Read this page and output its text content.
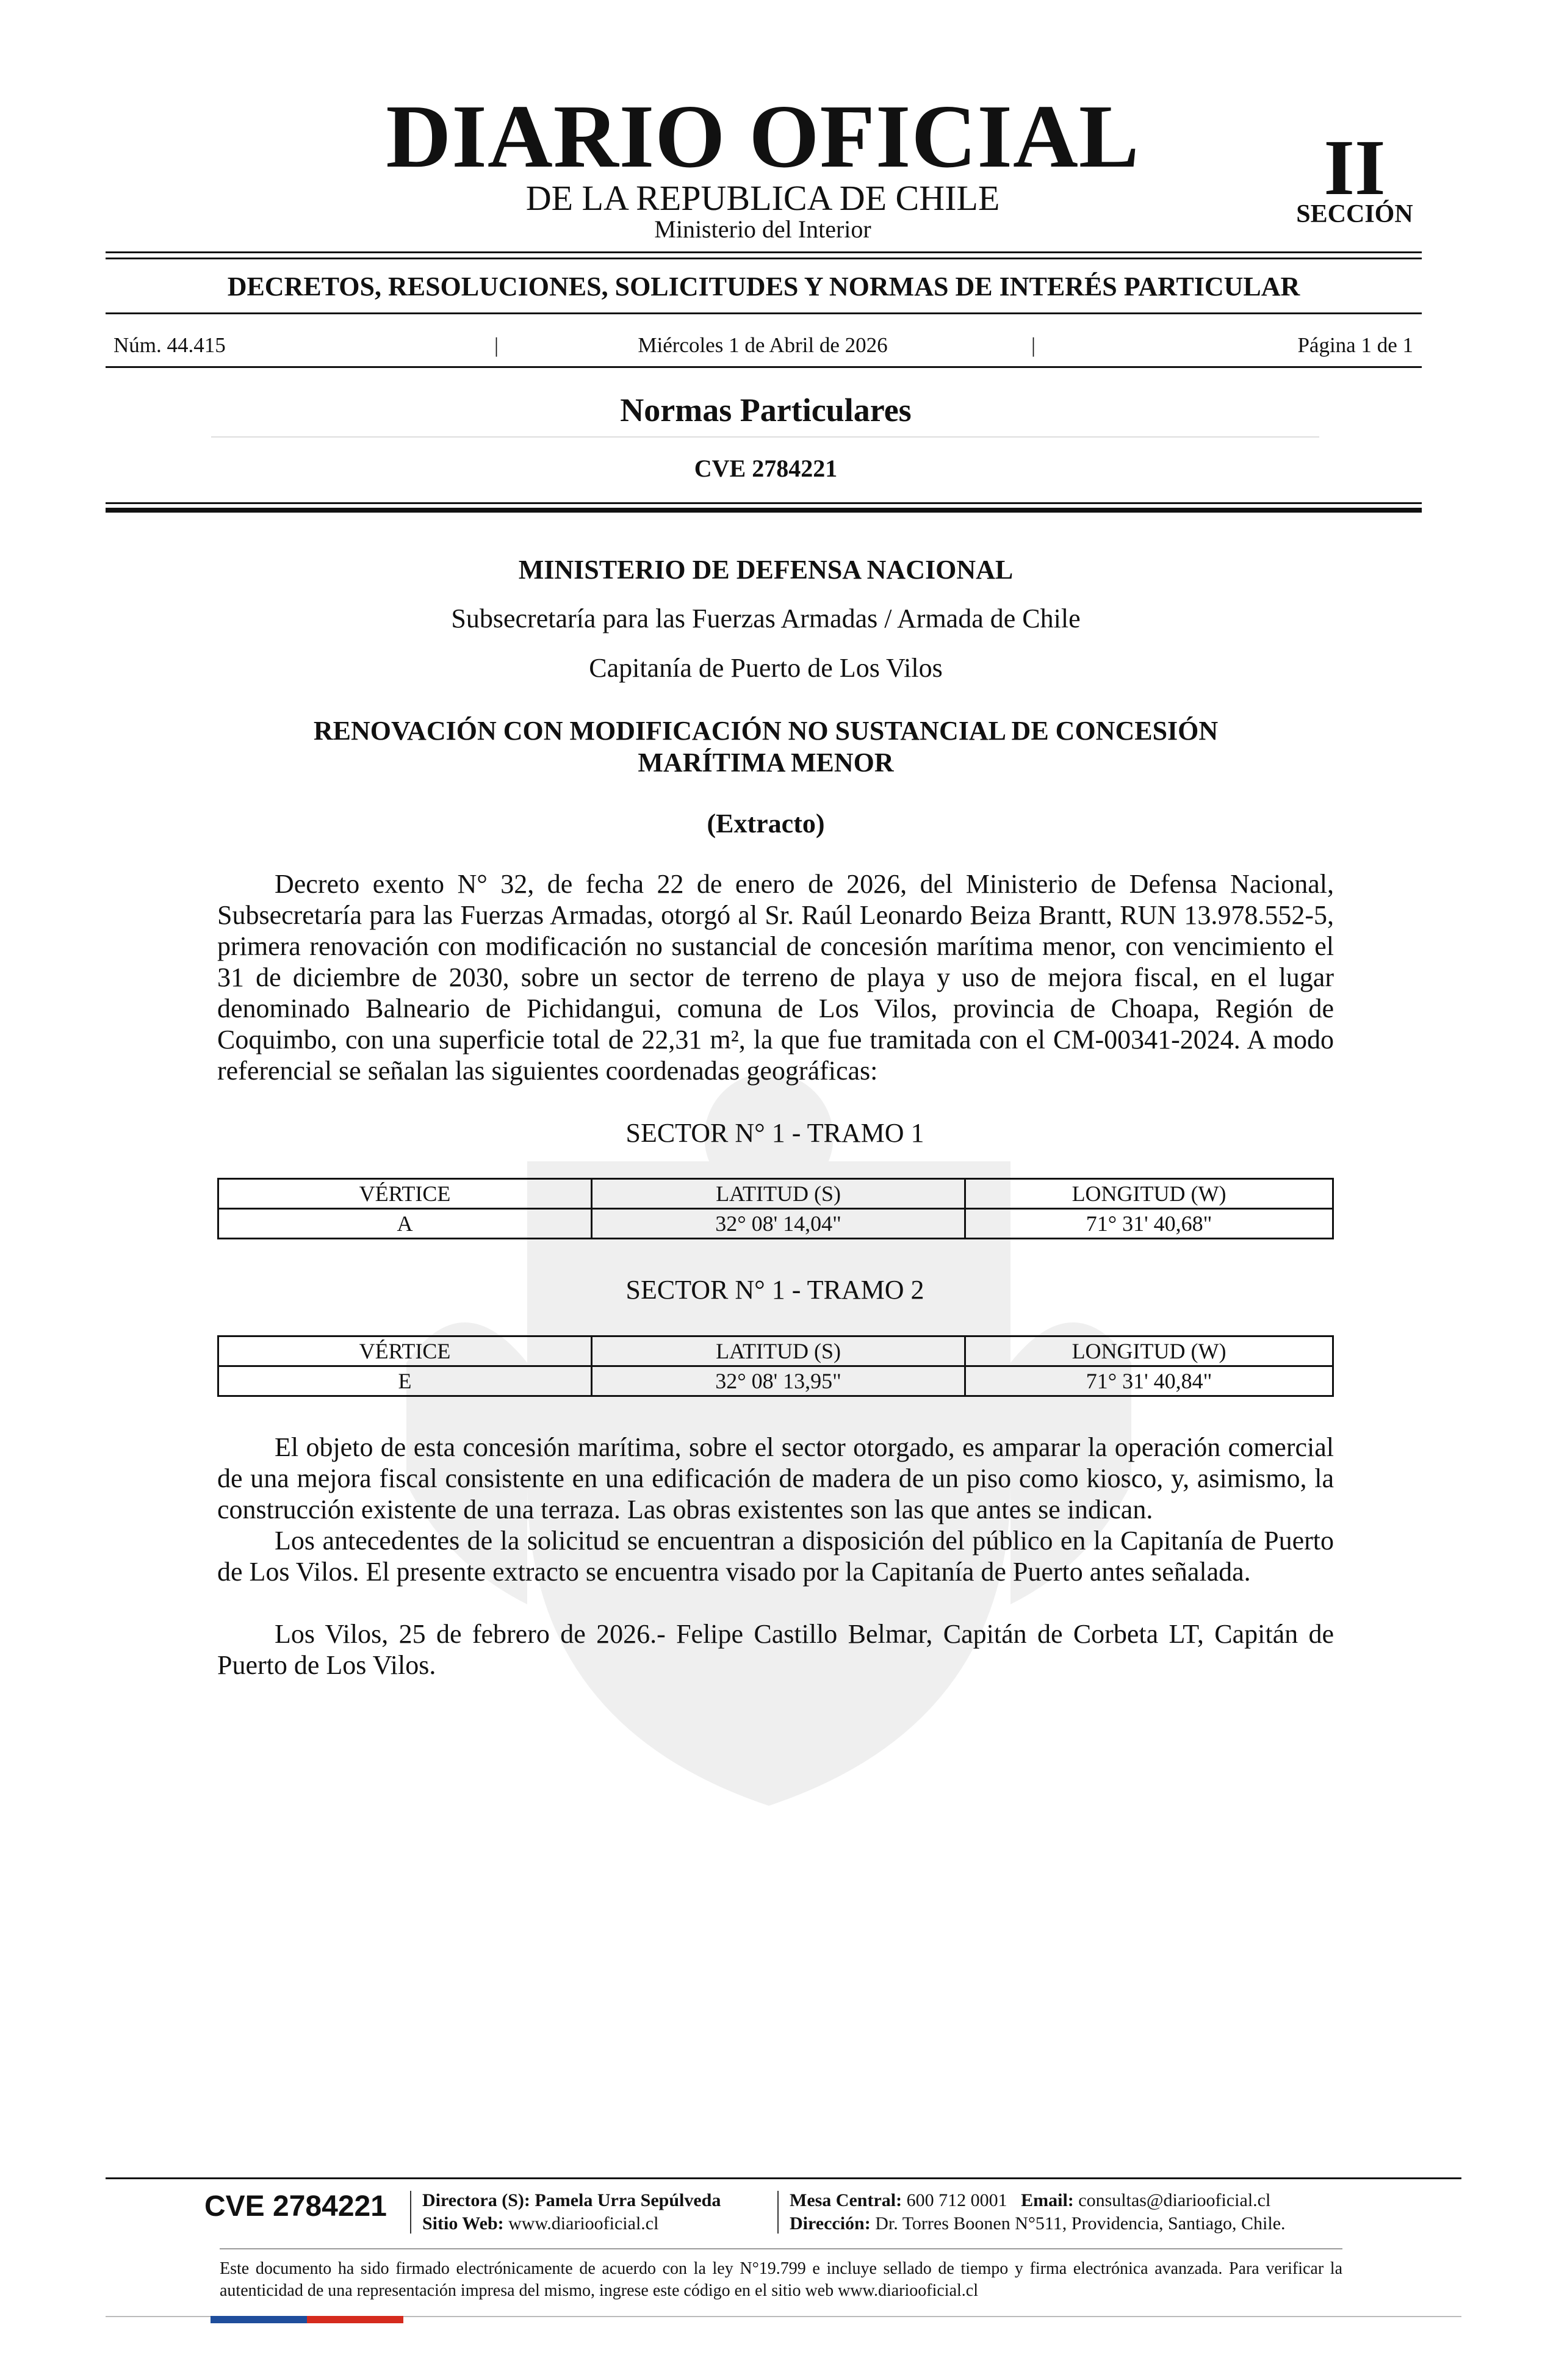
DIARIO OFICIAL
DE LA REPUBLICA DE CHILE
Ministerio del Interior
II
SECCIÓN
DECRETOS, RESOLUCIONES, SOLICITUDES Y NORMAS DE INTERÉS PARTICULAR
Núm. 44.415	|	Miércoles 1 de Abril de 2026	|	Página 1 de 1
Normas Particulares
CVE 2784221
MINISTERIO DE DEFENSA NACIONAL
Subsecretaría para las Fuerzas Armadas / Armada de Chile
Capitanía de Puerto de Los Vilos
RENOVACIÓN CON MODIFICACIÓN NO SUSTANCIAL DE CONCESIÓN MARÍTIMA MENOR
(Extracto)

Decreto exento N° 32, de fecha 22 de enero de 2026, del Ministerio de Defensa Nacional, Subsecretaría para las Fuerzas Armadas, otorgó al Sr. Raúl Leonardo Beiza Brantt, RUN 13.978.552-5, primera renovación con modificación no sustancial de concesión marítima menor, con vencimiento el 31 de diciembre de 2030, sobre un sector de terreno de playa y uso de mejora fiscal, en el lugar denominado Balneario de Pichidangui, comuna de Los Vilos, provincia de Choapa, Región de Coquimbo, con una superficie total de 22,31 m², la que fue tramitada con el CM-00341-2024. A modo referencial se señalan las siguientes coordenadas geográficas:

SECTOR N° 1 - TRAMO 1
VÉRTICE	LATITUD (S)	LONGITUD (W)
A	32° 08' 14,04"	71° 31' 40,68"
SECTOR N° 1 - TRAMO 2
VÉRTICE	LATITUD (S)	LONGITUD (W)
E	32° 08' 13,95"	71° 31' 40,84"

El objeto de esta concesión marítima, sobre el sector otorgado, es amparar la operación comercial de una mejora fiscal consistente en una edificación de madera de un piso como kiosco, y, asimismo, la construcción existente de una terraza. Las obras existentes son las que antes se indican.

Los antecedentes de la solicitud se encuentran a disposición del público en la Capitanía de Puerto de Los Vilos. El presente extracto se encuentra visado por la Capitanía de Puerto antes señalada.

Los Vilos, 25 de febrero de 2026.- Felipe Castillo Belmar, Capitán de Corbeta LT, Capitán de Puerto de Los Vilos.

CVE 2784221	Directora (S): Pamela Urra Sepúlveda
Sitio Web: www.diariooficial.cl
Mesa Central: 600 712 0001 Email: consultas@diariooficial.cl
Dirección: Dr. Torres Boonen N°511, Providencia, Santiago, Chile.
Este documento ha sido firmado electrónicamente de acuerdo con la ley N°19.799 e incluye sellado de tiempo y firma electrónica avanzada. Para verificar la autenticidad de una representación impresa del mismo, ingrese este código en el sitio web www.diariooficial.cl
